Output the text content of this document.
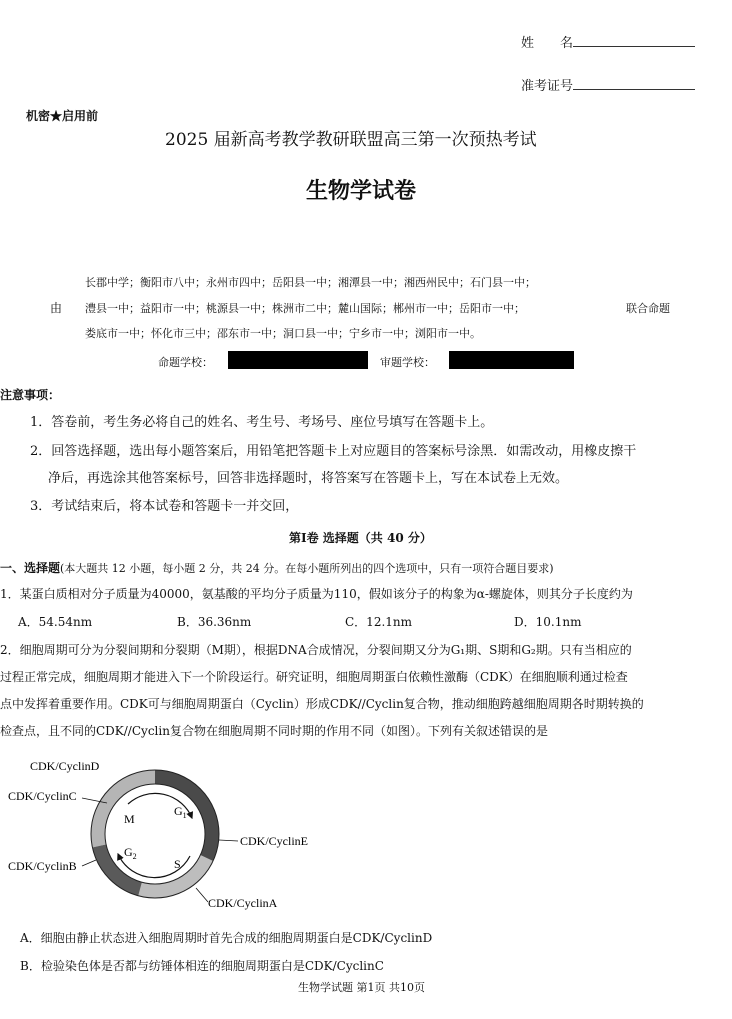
姓　　名
准考证号
机密★启用前
2025 届新高考教学教研联盟高三第一次预热考试
生物学试卷
长郡中学；衡阳市八中；永州市四中；岳阳县一中；湘潭县一中；湘西州民中；石门县一中；
由 澧县一中；益阳市一中；桃源县一中；株洲市二中；麓山国际；郴州市一中；岳阳市一中；	联合命题
娄底市一中；怀化市三中；邵东市一中；洞口县一中；宁乡市一中；浏阳市一中。
命题学校：	审题学校：
注意事项：
1．答卷前，考生务必将自己的姓名、考生号、考场号、座位号填写在答题卡上。
2．回答选择题，选出每小题答案后，用铅笔把答题卡上对应题目的答案标号涂黑．如需改动，用橡皮擦干
净后，再选涂其他答案标号，回答非选择题时，将答案写在答题卡上，写在本试卷上无效。
3．考试结束后，将本试卷和答题卡一并交回，
第Ⅰ卷 选择题（共 40 分）
一、选择题(本大题共 12 小题，每小题 2 分，共 24 分。在每小题所列出的四个选项中，只有一项符合题目要求)
1．某蛋白质相对分子质量为40000，氨基酸的平均分子质量为110，假如该分子的构象为α-螺旋体，则其分子长度约为
A．54.54nm	B．36.36nm	C．12.1nm	D．10.1nm
2．细胞周期可分为分裂间期和分裂期（M期），根据DNA合成情况，分裂间期又分为G₁期、S期和G₂期。只有当相应的
过程正常完成，细胞周期才能进入下一个阶段运行。研究证明，细胞周期蛋白依赖性激酶（CDK）在细胞顺利通过检查
点中发挥着重要作用。CDK可与细胞周期蛋白（Cyclin）形成CDK//Cyclin复合物，推动细胞跨越细胞周期各时期转换的
检查点，且不同的CDK//Cyclin复合物在细胞周期不同时期的作用不同（如图）。下列有关叙述错误的是
M
$G_1$
$G_2$
S
CDK/CyclinD
CDK/CyclinC
CDK/CyclinB
CDK/CyclinE
CDK/CyclinA
A．细胞由静止状态进入细胞周期时首先合成的细胞周期蛋白是CDK/CyclinD
B．检验染色体是否都与纺锤体相连的细胞周期蛋白是CDK/CyclinC
生物学试题 第1页 共10页
